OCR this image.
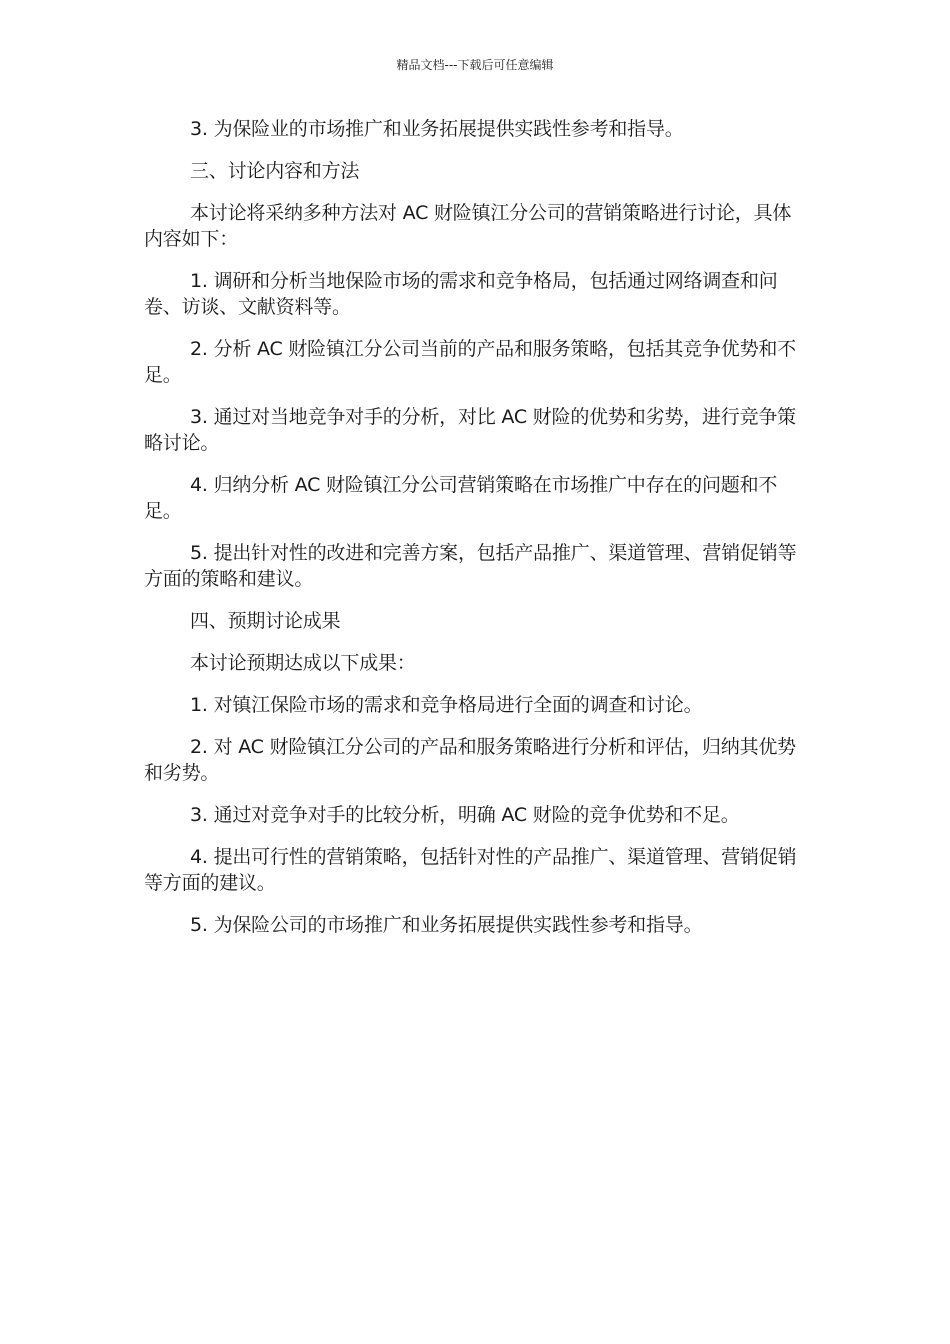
精品文档---下载后可任意编辑

3. 为保险业的市场推广和业务拓展提供实践性参考和指导。

三、讨论内容和方法

本讨论将采纳多种方法对 AC 财险镇江分公司的营销策略进行讨论，具体内容如下：

1. 调研和分析当地保险市场的需求和竞争格局，包括通过网络调查和问卷、访谈、文献资料等。

2. 分析 AC 财险镇江分公司当前的产品和服务策略，包括其竞争优势和不足。

3. 通过对当地竞争对手的分析，对比 AC 财险的优势和劣势，进行竞争策略讨论。

4. 归纳分析 AC 财险镇江分公司营销策略在市场推广中存在的问题和不足。

5. 提出针对性的改进和完善方案，包括产品推广、渠道管理、营销促销等方面的策略和建议。

四、预期讨论成果

本讨论预期达成以下成果：

1. 对镇江保险市场的需求和竞争格局进行全面的调查和讨论。

2. 对 AC 财险镇江分公司的产品和服务策略进行分析和评估，归纳其优势和劣势。

3. 通过对竞争对手的比较分析，明确 AC 财险的竞争优势和不足。

4. 提出可行性的营销策略，包括针对性的产品推广、渠道管理、营销促销等方面的建议。

5. 为保险公司的市场推广和业务拓展提供实践性参考和指导。
